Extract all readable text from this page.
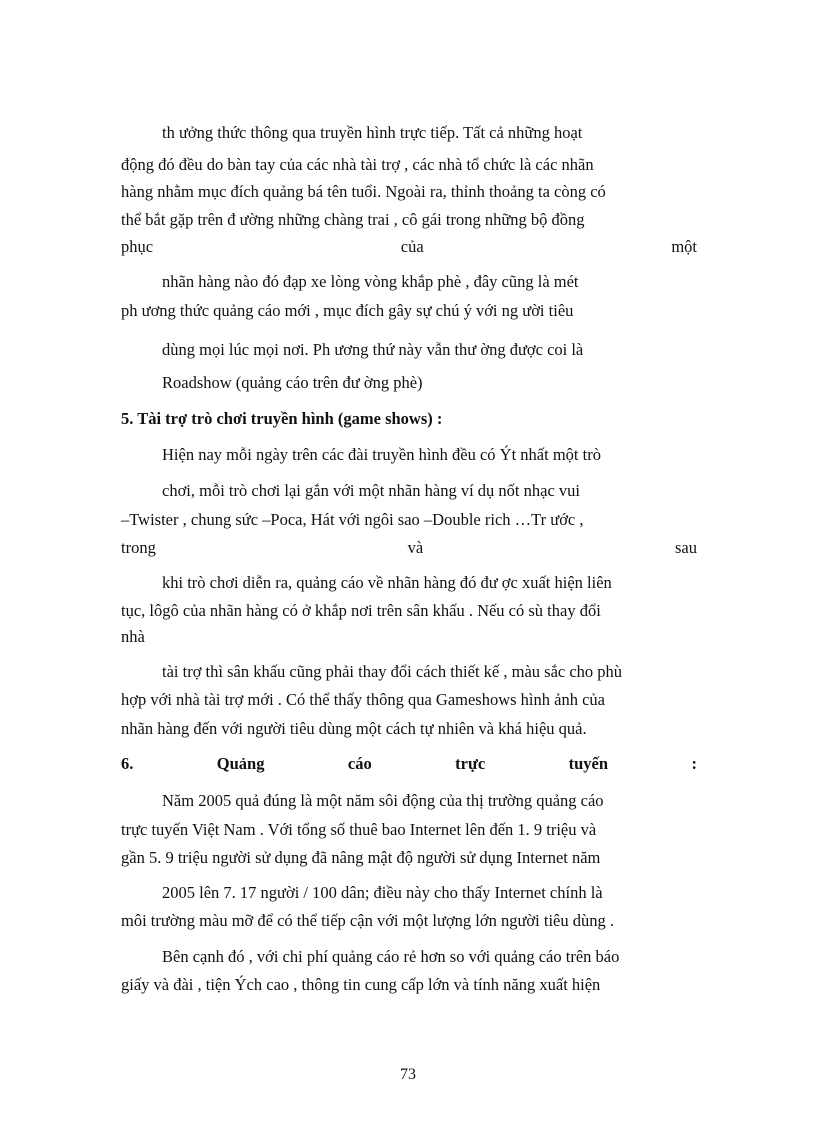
th ưởng thức thông qua truyền hình trực tiếp. Tất cả những hoạt
động đó đều do bàn tay của các nhà tài trợ , các nhà tổ chức là các nhãn
hàng nhằm mục đích quảng bá tên tuổi. Ngoài ra, thỉnh thoảng ta còng có
thể bắt gặp trên đ ường những chàng trai , cô gái trong những bộ đồng
phục	của	một
nhãn hàng nào đó đạp xe lòng vòng khắp phè , đây cũng là mét
ph ương thức quảng cáo mới , mục đích gây sự chú ý với ng ười tiêu
dùng mọi lúc mọi nơi. Ph ương thứ này vẫn thư ờng được coi là
Roadshow (quảng cáo trên đư ờng phè)
5. Tài trợ trò chơi truyền hình (game shows) :
Hiện nay mỗi ngày trên các đài truyền hình đều có Ýt nhất một trò
chơi, mỗi trò chơi lại gắn với một nhãn hàng ví dụ nốt nhạc vui
–Twister , chung sức –Poca, Hát với ngôi sao –Double rich …Tr ước ,
trong	và	sau
khi trò chơi diễn ra, quảng cáo về nhãn hàng đó đư ợc xuất hiện liên
tục, lôgô của nhãn hàng có ở khắp nơi trên sân khấu . Nếu có sù thay đổi
nhà
tài trợ thì sân khấu cũng phải thay đổi cách thiết kế , màu sắc cho phù
hợp với nhà tài trợ mới . Có thể thấy thông qua Gameshows hình ảnh của
nhãn hàng đến với người tiêu dùng một cách tự nhiên và khá hiệu quả.
6.	Quảng	cáo	trực	tuyến	:
Năm 2005 quả đúng là một năm sôi động của thị trường quảng cáo
trực tuyến Việt Nam . Với tổng số thuê bao Internet lên đến 1. 9 triệu và
gần 5. 9 triệu người sử dụng đã nâng mật độ người sử dụng Internet năm
2005 lên 7. 17 người / 100 dân; điều này cho thấy Internet chính là
môi trường màu mỡ để có thể tiếp cận với một lượng lớn người tiêu dùng .
Bên cạnh đó , với chi phí quảng cáo rẻ hơn so với quảng cáo trên báo
giấy và đài , tiện Ých cao , thông tin cung cấp lớn và tính năng xuất hiện
73
